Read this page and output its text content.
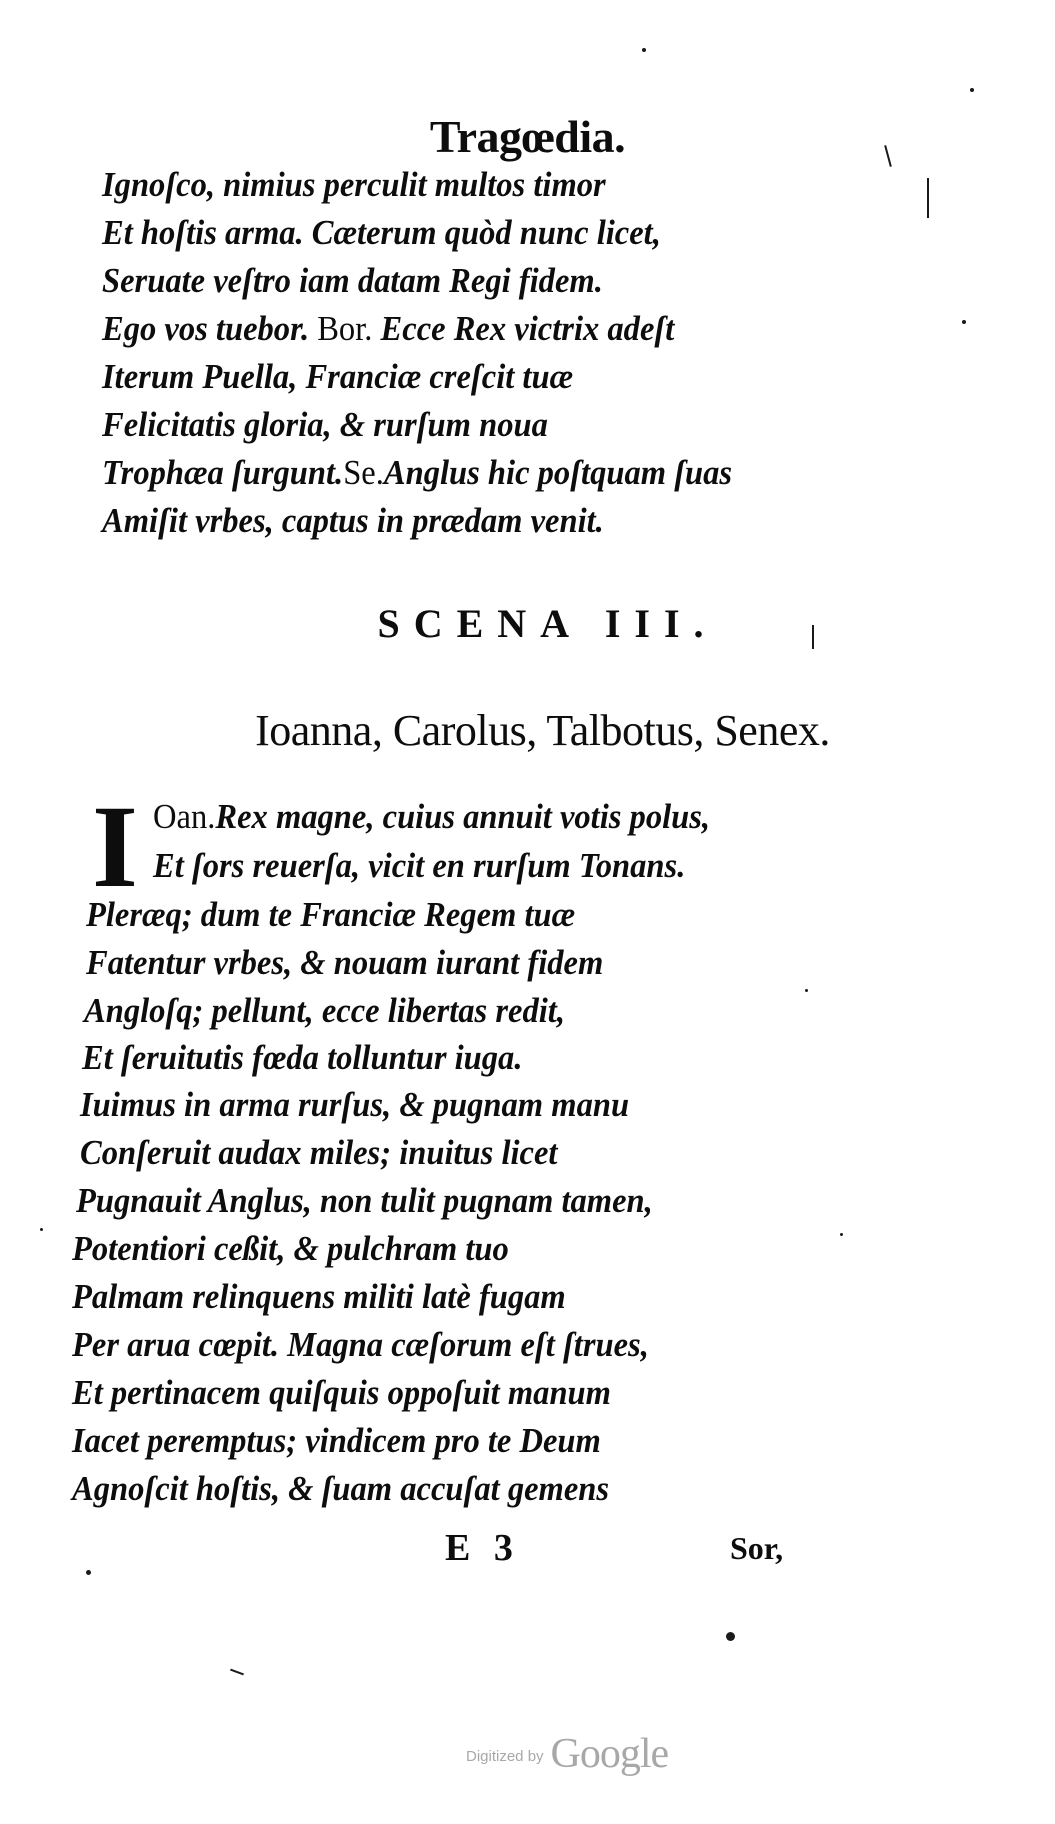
Tragœdia.
Ignoſco, nimius perculit multos timor
Et hoſtis arma. Cæterum quòd nunc licet,
Seruate veſtro iam datam Regi fidem.
Ego vos tuebor. Bor. Ecce Rex victrix adeſt
Iterum Puella, Franciæ creſcit tuæ
Felicitatis gloria, & rurſum noua
Trophæa ſurgunt.Se.Anglus hic poſtquam ſuas
Amiſit vrbes, captus in prædam venit.
SCENA III.
Ioanna, Carolus, Talbotus, Senex.
I Oan.Rex magne, cuius annuit votis polus,
Et ſors reuerſa, vicit en rurſum Tonans.
Pleræq; dum te Franciæ Regem tuæ
Fatentur vrbes, & nouam iurant fidem
Angloſq; pellunt, ecce libertas redit,
Et ſeruitutis fœda tolluntur iuga.
Iuimus in arma rurſus, & pugnam manu
Conſeruit audax miles; inuitus licet
Pugnauit Anglus, non tulit pugnam tamen,
Potentiori ceßit, & pulchram tuo
Palmam relinquens militi latè fugam
Per arua cœpit. Magna cæſorum eſt ſtrues,
Et pertinacem quiſquis oppoſuit manum
Iacet peremptus; vindicem pro te Deum
Agnoſcit hoſtis, & ſuam accuſat gemens
E 3	Sor,
Digitized by Google
